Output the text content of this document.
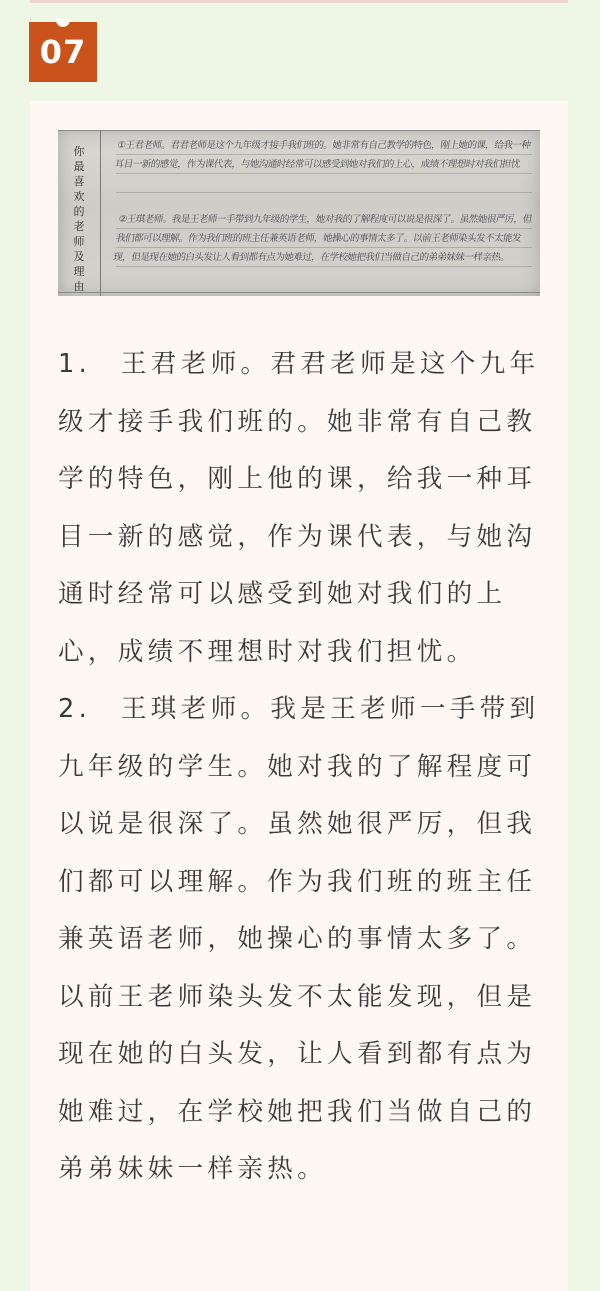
07
你最喜欢的老师及理由
①王君老师。君君老师是这个九年级才接手我们班的。她非常有自己教学的特色，刚上她的课，给我一种耳目一新的感觉，作为课代表，与她沟通时经常可以感受到她对我们的上心，成绩不理想时对我们担忧
②王琪老师。我是王老师一手带到九年级的学生，她对我的了解程度可以说是很深了。虽然她很严厉，但我们都可以理解。作为我们班的班主任兼英语老师，她操心的事情太多了。以前王老师染头发不太能发现，但是现在她的白头发让人看到都有点为她难过，在学校她把我们当做自己的弟弟妹妹一样亲热。

1.　王君老师。君君老师是这个九年级才接手我们班的。她非常有自己教学的特色，刚上他的课，给我一种耳目一新的感觉，作为课代表，与她沟通时经常可以感受到她对我们的上心，成绩不理想时对我们担忧。

2.　王琪老师。我是王老师一手带到九年级的学生。她对我的了解程度可以说是很深了。虽然她很严厉，但我们都可以理解。作为我们班的班主任兼英语老师，她操心的事情太多了。以前王老师染头发不太能发现，但是现在她的白头发，让人看到都有点为她难过，在学校她把我们当做自己的弟弟妹妹一样亲热。
